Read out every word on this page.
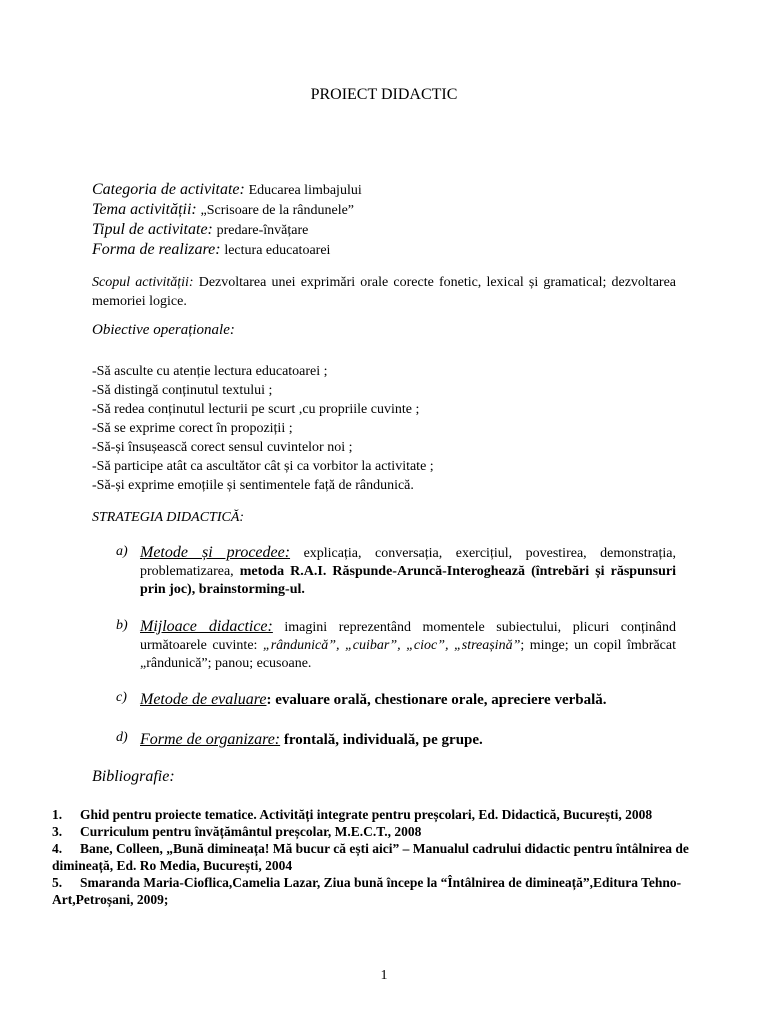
PROIECT DIDACTIC
Categoria de activitate: Educarea limbajului
Tema activității: „Scrisoare de la rândunele”
Tipul de activitate: predare-învățare
Forma de realizare: lectura educatoarei
Scopul activității: Dezvoltarea unei exprimări orale corecte fonetic, lexical și gramatical; dezvoltarea memoriei logice.
Obiective operaționale:
-Să asculte cu atenție lectura educatoarei ;
-Să distingă conținutul textului ;
-Să redea conținutul lecturii pe scurt ,cu propriile cuvinte ;
-Să se exprime corect în propoziții ;
-Să-și însușească corect sensul cuvintelor noi ;
-Să participe atât ca ascultător cât și ca vorbitor la activitate ;
-Să-și exprime emoțiile și sentimentele față de rândunică.
STRATEGIA DIDACTICĂ:
a) Metode și procedee: explicația, conversația, exercițiul, povestirea, demonstrația, problematizarea, metoda R.A.I. Răspunde-Aruncă-Interoghează (întrebări și răspunsuri prin joc), brainstorming-ul.
b) Mijloace didactice: imagini reprezentând momentele subiectului, plicuri conținând următoarele cuvinte: „rândunică”, „cuibar”, „cioc”, „streașină”; minge; un copil îmbrăcat „rândunică”; panou; ecusoane.
c) Metode de evaluare: evaluare orală, chestionare orale, apreciere verbală.
d) Forme de organizare: frontală, individuală, pe grupe.
Bibliografie:
1. Ghid pentru proiecte tematice. Activități integrate pentru preșcolari, Ed. Didactică, București, 2008
3. Curriculum pentru învățământul preșcolar, M.E.C.T., 2008
4. Bane, Colleen, „Bună dimineața! Mă bucur că ești aici” – Manualul cadrului didactic pentru întâlnirea de dimineață, Ed. Ro Media, București, 2004
5. Smaranda Maria-Cioflica,Camelia Lazar, Ziua bună începe la “Întâlnirea de dimineață”,Editura Tehno-Art,Petroșani, 2009;
1
